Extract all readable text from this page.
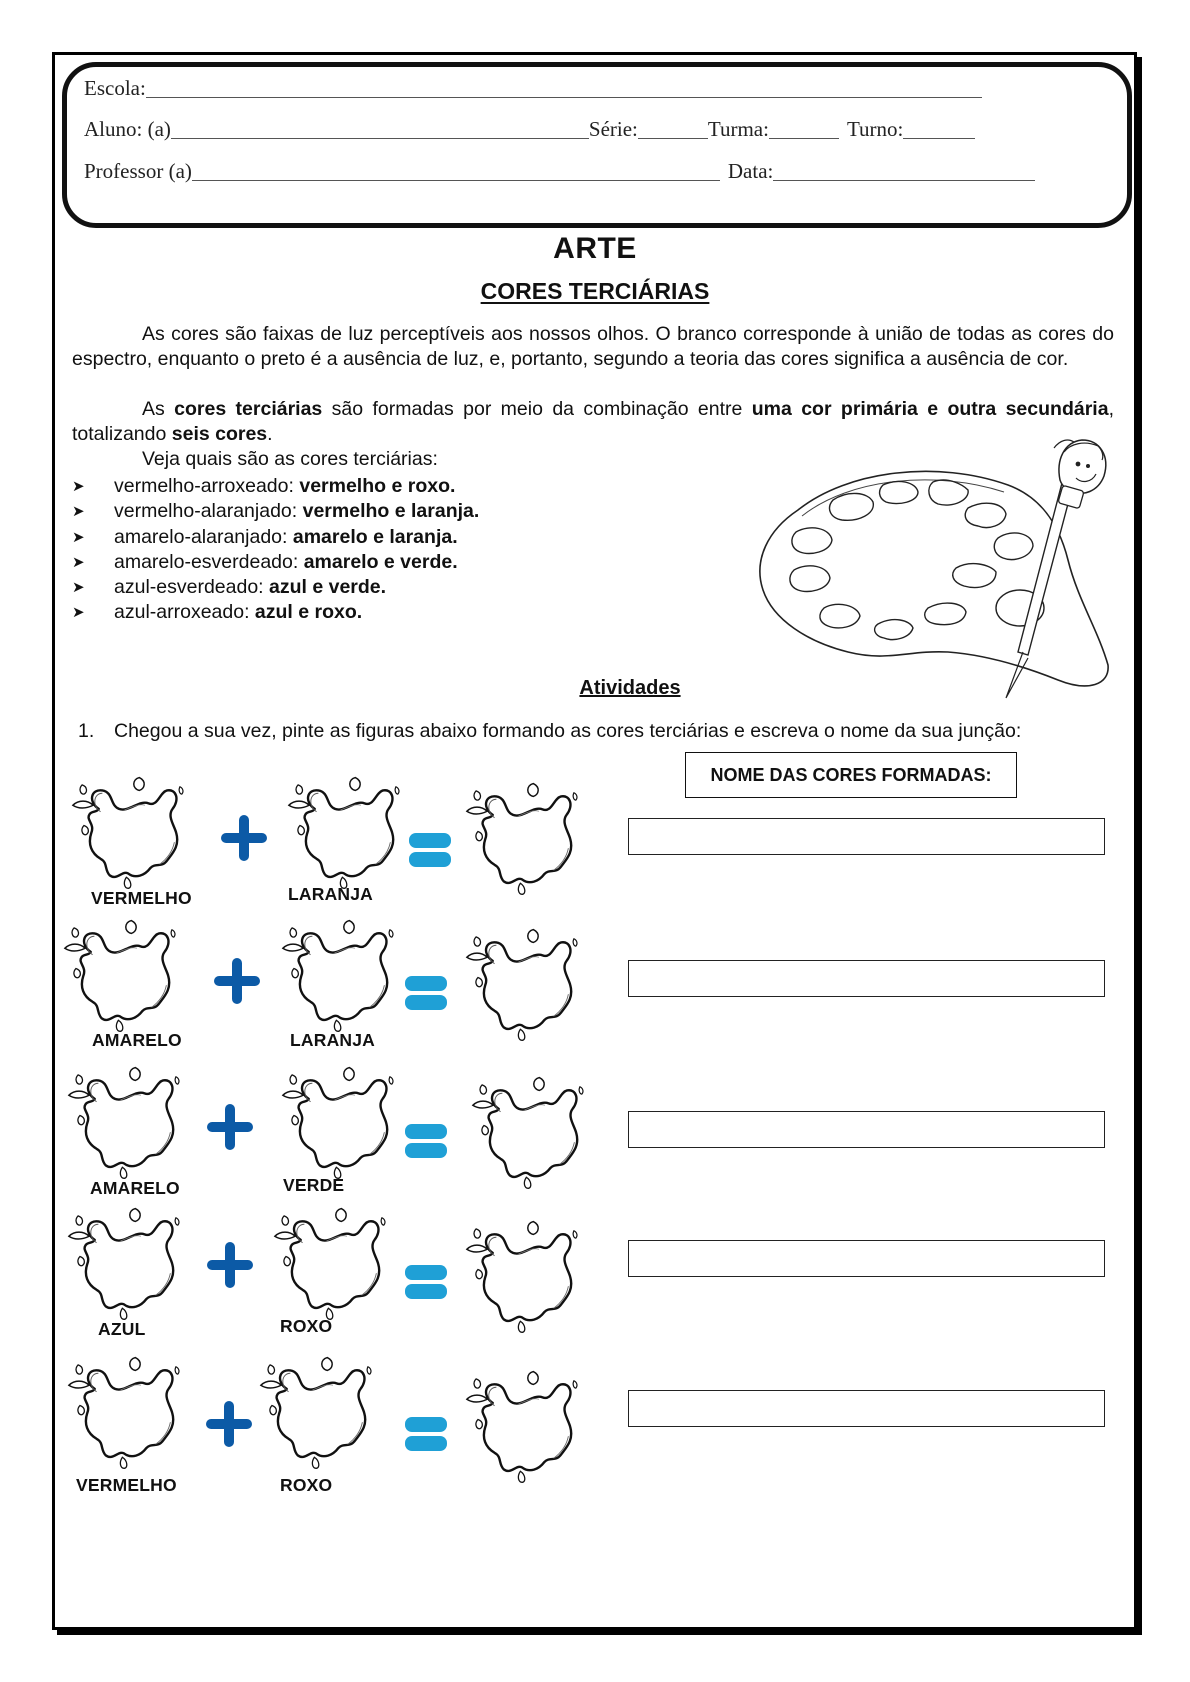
Escola:
Aluno: (a)	Série:	Turma:	Turno:
Professor (a)	Data:
ARTE
CORES TERCIÁRIAS
As cores são faixas de luz perceptíveis aos nossos olhos. O branco corresponde à união de todas as cores do espectro, enquanto o preto é a ausência de luz, e, portanto, segundo a teoria das cores significa a ausência de cor.
As cores terciárias são formadas por meio da combinação entre uma cor primária e outra secundária, totalizando seis cores.
Veja quais são as cores terciárias:
➤	vermelho-arroxeado:
vermelho e roxo.
➤	vermelho-alaranjado:
vermelho e laranja.
➤	amarelo-alaranjado:
amarelo e laranja.
➤	amarelo-esverdeado:
amarelo e verde.
➤	azul-esverdeado:
azul e verde.
➤	azul-arroxeado:
azul e roxo.
Atividades
1. Chegou a sua vez, pinte as figuras abaixo formando as cores terciárias e escreva o nome da sua junção:
NOME DAS CORES FORMADAS:
VERMELHO	LARANJA
AMARELO	LARANJA
AMARELO	VERDE
AZUL	ROXO
VERMELHO	ROXO
